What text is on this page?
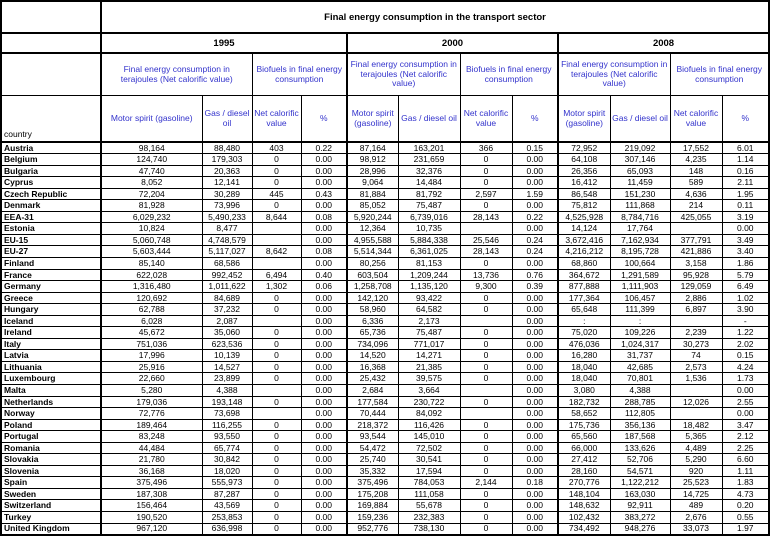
	Final energy consumption in the transport sector											
	1995				2000				2008			
	Final energy consumption in terajoules (Net calorific value)		Biofuels in final energy consumption		Final energy consumption in terajoules (Net calorific value)		Biofuels in final energy consumption		Final energy consumption in terajoules (Net calorific value)		Biofuels in final energy consumption	
country	Motor spirit (gasoline)	Gas / diesel oil	Net calorific value	%	Motor spirit (gasoline)	Gas / diesel oil	Net calorific value	%	Motor spirit (gasoline)	Gas / diesel oil	Net calorific value	%
Austria	98,164	88,480	403	0.22	87,164	163,201	366	0.15	72,952	219,092	17,552	6.01
Belgium	124,740	179,303	0	0.00	98,912	231,659	0	0.00	64,108	307,146	4,235	1.14
Bulgaria	47,740	20,363	0	0.00	28,996	32,376	0	0.00	26,356	65,093	148	0.16
Cyprus	8,052	12,141	0	0.00	9,064	14,484	0	0.00	16,412	11,459	589	2.11
Czech Republic	72,204	30,289	445	0.43	81,884	81,792	2,597	1.59	86,548	151,230	4,636	1.95
Denmark	81,928	73,996	0	0.00	85,052	75,487	0	0.00	75,812	111,868	214	0.11
EEA-31	6,029,232	5,490,233	8,644	0.08	5,920,244	6,739,016	28,143	0.22	4,525,928	8,784,716	425,055	3.19
Estonia	10,824	8,477		0.00	12,364	10,735		0.00	14,124	17,764		0.00
EU-15	5,060,748	4,748,579		0.00	4,955,588	5,884,338	25,546	0.24	3,672,416	7,162,934	377,791	3.49
EU-27	5,603,444	5,117,027	8,642	0.08	5,514,344	6,361,025	28,143	0.24	4,216,212	8,195,728	421,886	3.40
Finland	85,140	68,586		0.00	80,256	81,153	0	0.00	68,860	100,664	3,158	1.86
France	622,028	992,452	6,494	0.40	603,504	1,209,244	13,736	0.76	364,672	1,291,589	95,928	5.79
Germany	1,316,480	1,011,622	1,302	0.06	1,258,708	1,135,120	9,300	0.39	877,888	1,111,903	129,059	6.49
Greece	120,692	84,689	0	0.00	142,120	93,422	0	0.00	177,364	106,457	2,886	1.02
Hungary	62,788	37,232	0	0.00	58,960	64,582	0	0.00	65,648	111,399	6,897	3.90
Iceland	6,028	2,087		0.00	6,336	2,173		0.00	:	:		-
Ireland	45,672	35,060	0	0.00	65,736	75,487	0	0.00	75,020	109,226	2,239	1.22
Italy	751,036	623,536	0	0.00	734,096	771,017	0	0.00	476,036	1,024,317	30,273	2.02
Latvia	17,996	10,139	0	0.00	14,520	14,271	0	0.00	16,280	31,737	74	0.15
Lithuania	25,916	14,527	0	0.00	16,368	21,385	0	0.00	18,040	42,685	2,573	4.24
Luxembourg	22,660	23,899	0	0.00	25,432	39,575	0	0.00	18,040	70,801	1,536	1.73
Malta	5,280	4,388		0.00	2,684	3,664		0.00	3,080	4,388		0.00
Netherlands	179,036	193,148	0	0.00	177,584	230,722	0	0.00	182,732	288,785	12,026	2.55
Norway	72,776	73,698		0.00	70,444	84,092		0.00	58,652	112,805		0.00
Poland	189,464	116,255	0	0.00	218,372	116,426	0	0.00	175,736	356,136	18,482	3.47
Portugal	83,248	93,550	0	0.00	93,544	145,010	0	0.00	65,560	187,568	5,365	2.12
Romania	44,484	65,774	0	0.00	54,472	72,502	0	0.00	66,000	133,626	4,489	2.25
Slovakia	21,780	30,842	0	0.00	25,740	30,541	0	0.00	27,412	52,706	5,290	6.60
Slovenia	36,168	18,020	0	0.00	35,332	17,594	0	0.00	28,160	54,571	920	1.11
Spain	375,496	555,973	0	0.00	375,496	784,053	2,144	0.18	270,776	1,122,212	25,523	1.83
Sweden	187,308	87,287	0	0.00	175,208	111,058	0	0.00	148,104	163,030	14,725	4.73
Switzerland	156,464	43,569	0	0.00	169,884	55,678	0	0.00	148,632	92,911	489	0.20
Turkey	190,520	253,853	0	0.00	159,236	232,383	0	0.00	102,432	383,272	2,676	0.55
United Kingdom	967,120	636,998	0	0.00	952,776	738,130	0	0.00	734,492	948,276	33,073	1.97
